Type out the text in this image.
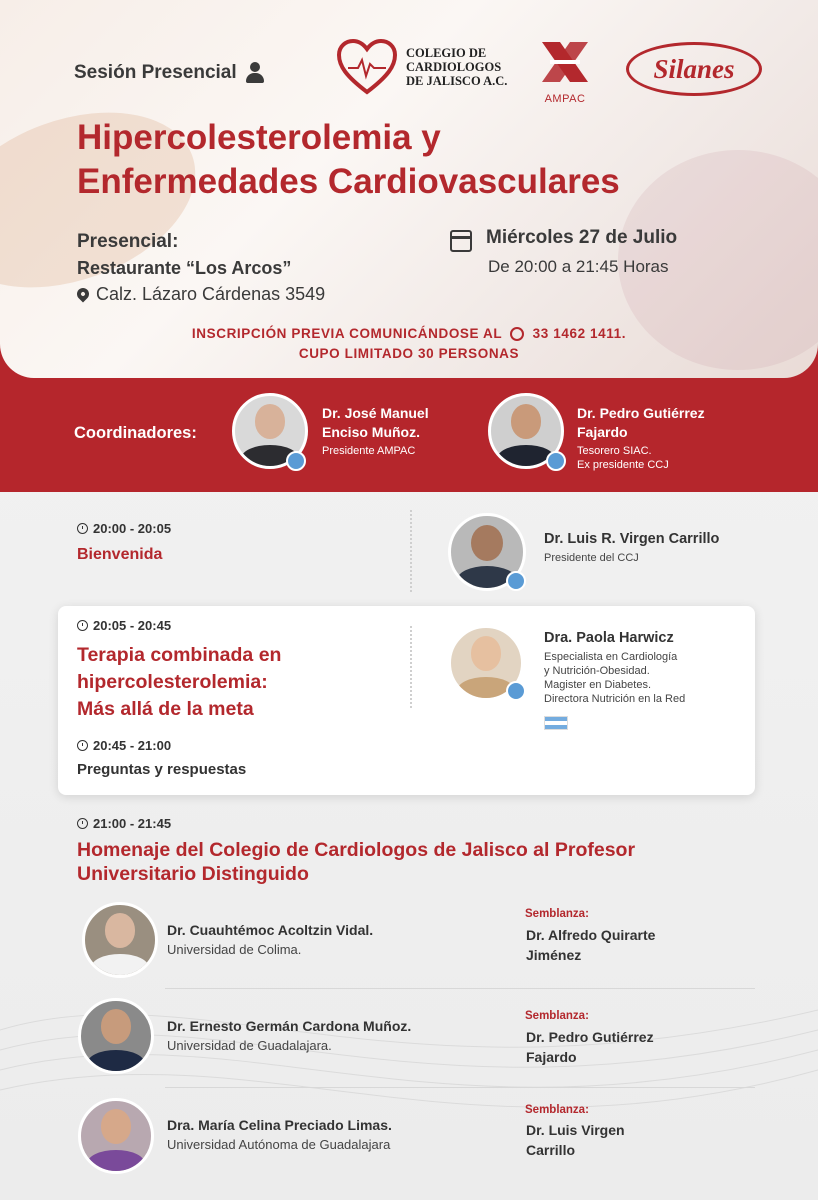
Sesión Presencial
COLEGIO DE
CARDIOLOGOS
DE JALISCO A.C.
AMPAC
Silanes
Hipercolesterolemia y
Enfermedades Cardiovasculares
Presencial:
Restaurante “Los Arcos”
Calz. Lázaro Cárdenas 3549
Miércoles 27 de Julio
De 20:00 a 21:45 Horas
INSCRIPCIÓN PREVIA COMUNICÁNDOSE AL 33 1462 1411.
CUPO LIMITADO 30 PERSONAS
Coordinadores:
Dr. José Manuel
Enciso Muñoz.
Presidente AMPAC
Dr. Pedro Gutiérrez
Fajardo
Tesorero SIAC.
Ex presidente CCJ
20:00 - 20:05
Bienvenida
Dr. Luis R. Virgen Carrillo
Presidente del CCJ
20:05 - 20:45
Terapia combinada en
hipercolesterolemia:
Más allá de la meta
20:45 - 21:00
Preguntas y respuestas
Dra. Paola Harwicz
Especialista en Cardiología
y Nutrición-Obesidad.
Magister en Diabetes.
Directora Nutrición en la Red
21:00 - 21:45
Homenaje del Colegio de Cardiologos de Jalisco al Profesor
Universitario Distinguido
Dr. Cuauhtémoc Acoltzin Vidal.
Universidad de Colima.
Semblanza:
Dr. Alfredo Quirarte
Jiménez
Dr. Ernesto Germán Cardona Muñoz.
Universidad de Guadalajara.
Semblanza:
Dr. Pedro Gutiérrez
Fajardo
Dra. María Celina Preciado Limas.
Universidad Autónoma de Guadalajara
Semblanza:
Dr. Luis Virgen
Carrillo
